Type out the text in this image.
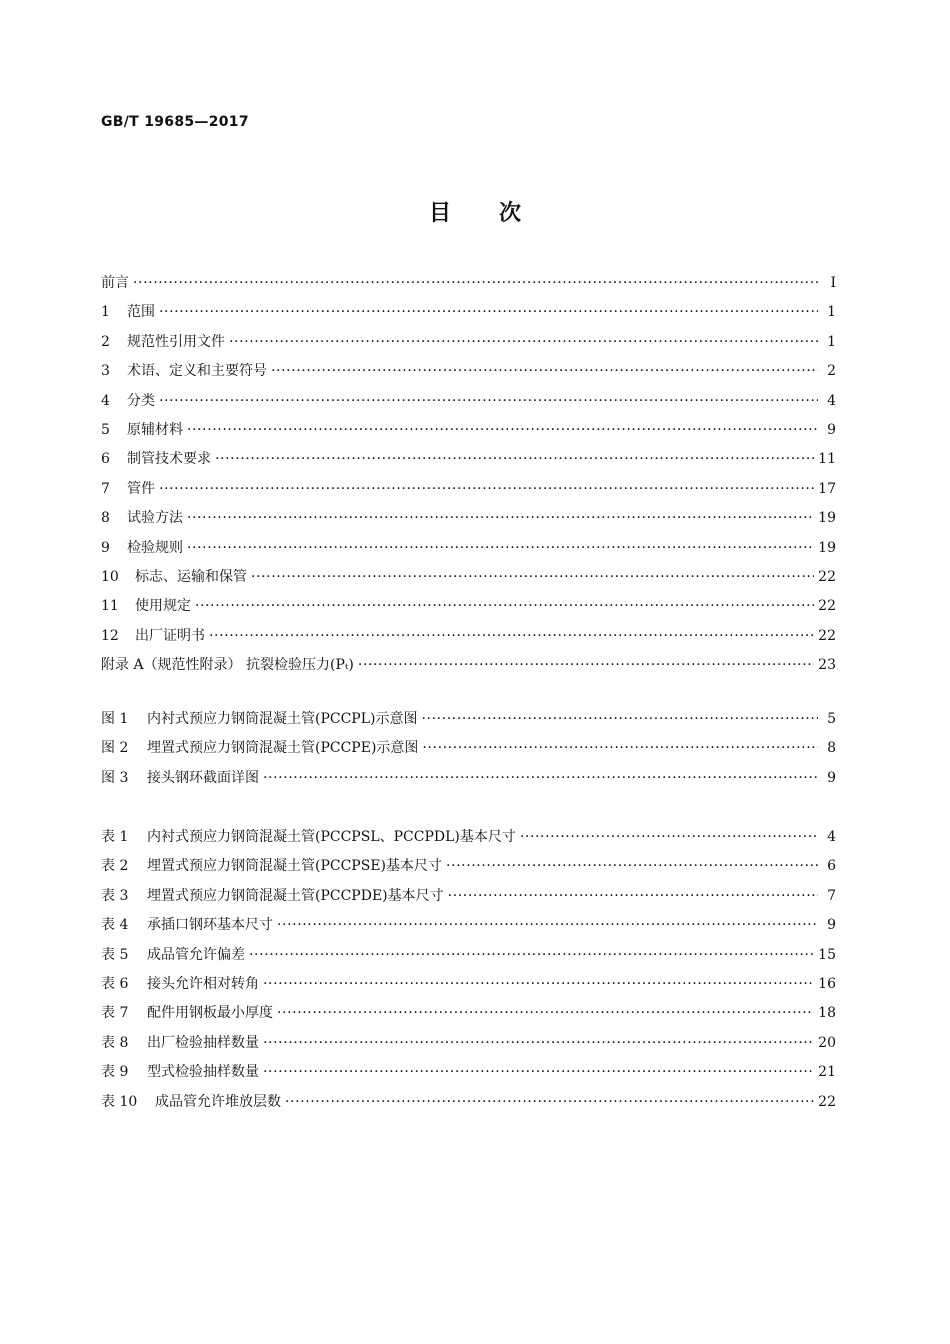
GB/T 19685—2017
目 次
前言 ·····	Ⅰ
1	范围 ·····	1
2	规范性引用文件 ·····	1
3	术语、定义和主要符号 ·····	2
4	分类 ·····	4
5	原辅材料 ·····	9
6	制管技术要求 ·····	11
7	管件 ·····	17
8	试验方法 ·····	19
9	检验规则 ·····	19
10	标志、运输和保管 ·····	22
11	使用规定 ·····	22
12	出厂证明书 ·····	22
附录 A（规范性附录） 抗裂检验压力(Pₜ) ·····	23
图 1	内衬式预应力钢筒混凝土管(PCCPL)示意图 ·····	5
图 2	埋置式预应力钢筒混凝土管(PCCPE)示意图 ·····	8
图 3	接头钢环截面详图 ·····	9
表 1	内衬式预应力钢筒混凝土管(PCCPSL、PCCPDL)基本尺寸 ·····	4
表 2	埋置式预应力钢筒混凝土管(PCCPSE)基本尺寸 ·····	6
表 3	埋置式预应力钢筒混凝土管(PCCPDE)基本尺寸 ·····	7
表 4	承插口钢环基本尺寸 ·····	9
表 5	成品管允许偏差 ·····	15
表 6	接头允许相对转角 ·····	16
表 7	配件用钢板最小厚度 ·····	18
表 8	出厂检验抽样数量 ·····	20
表 9	型式检验抽样数量 ·····	21
表 10	成品管允许堆放层数 ·····	22
